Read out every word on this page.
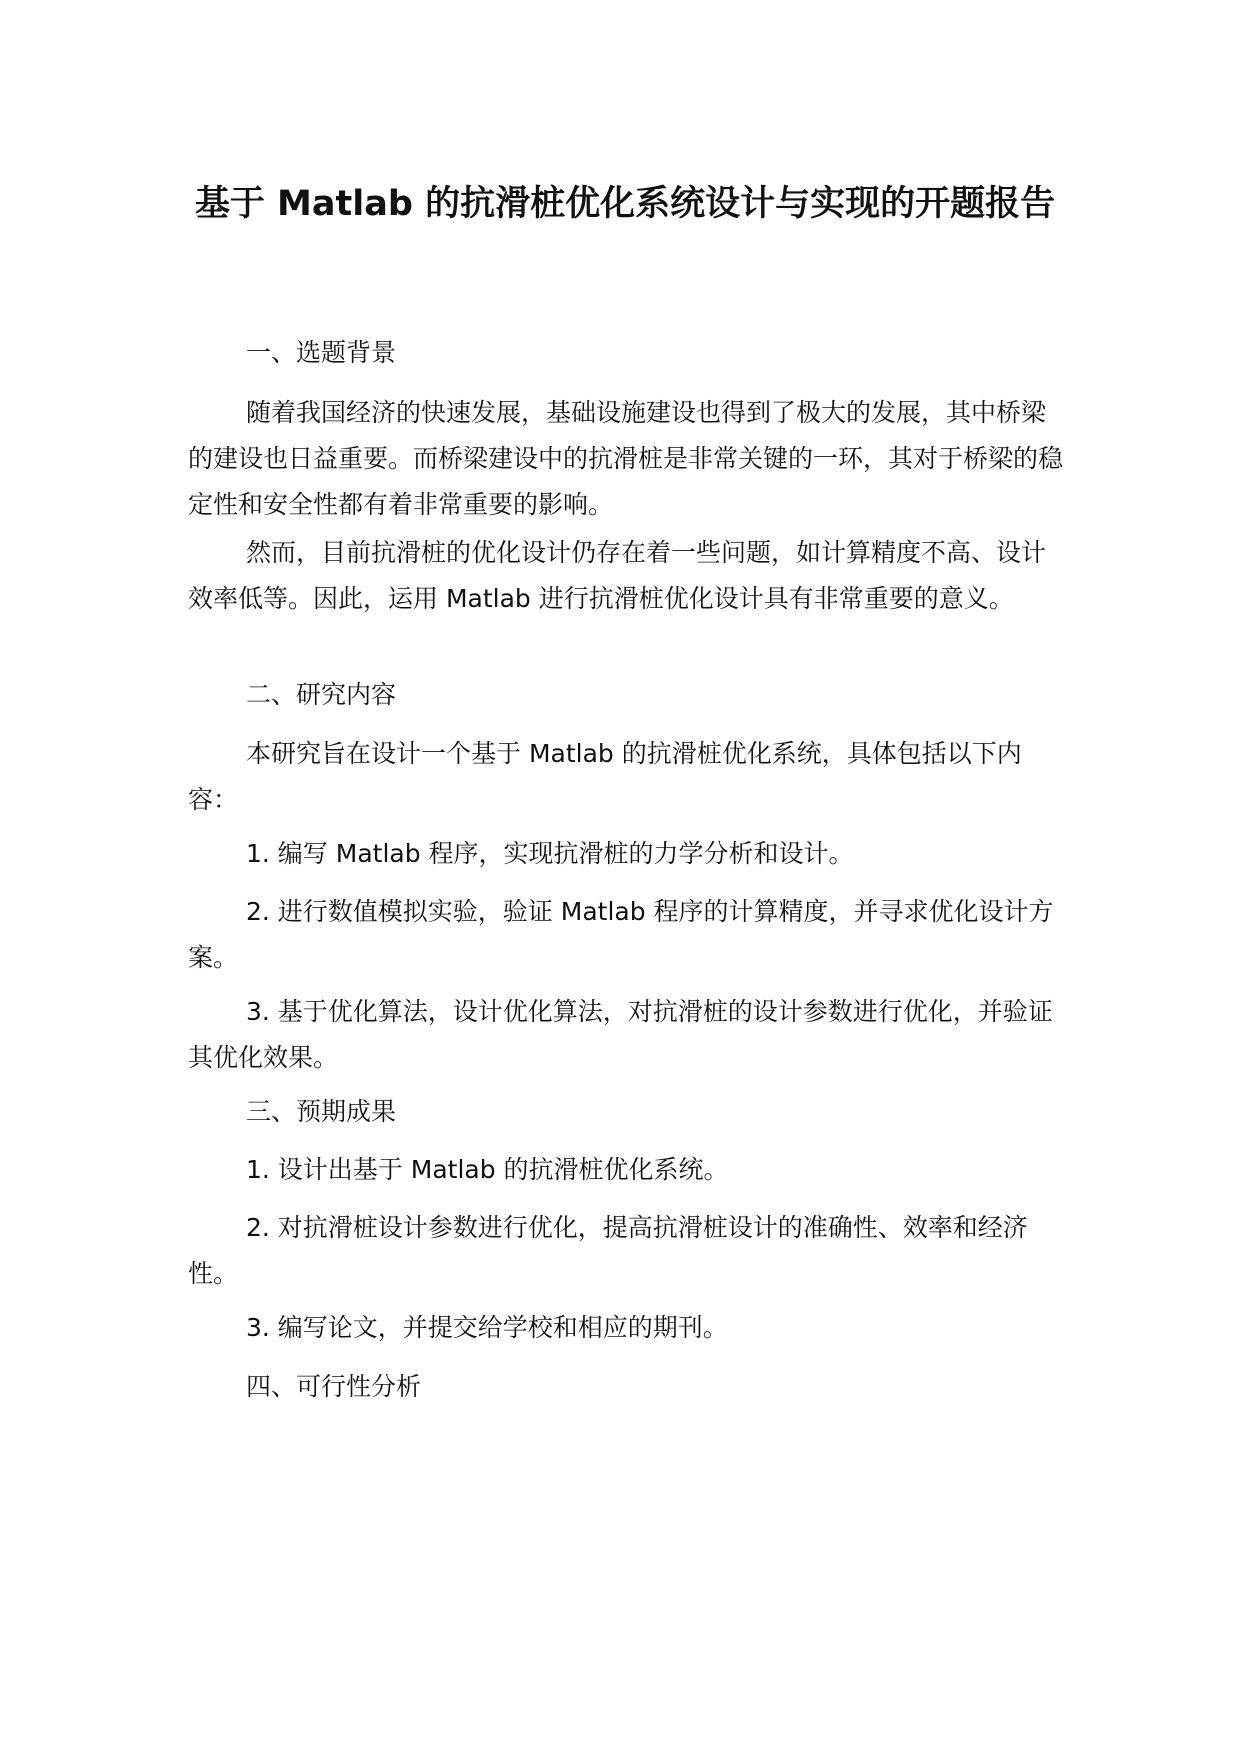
基于 Matlab 的抗滑桩优化系统设计与实现的开题报告

一、选题背景

随着我国经济的快速发展，基础设施建设也得到了极大的发展，其中桥梁的建设也日益重要。而桥梁建设中的抗滑桩是非常关键的一环，其对于桥梁的稳定性和安全性都有着非常重要的影响。

然而，目前抗滑桩的优化设计仍存在着一些问题，如计算精度不高、设计效率低等。因此，运用 Matlab 进行抗滑桩优化设计具有非常重要的意义。

二、研究内容

本研究旨在设计一个基于 Matlab 的抗滑桩优化系统，具体包括以下内容：

1. 编写 Matlab 程序，实现抗滑桩的力学分析和设计。

2. 进行数值模拟实验，验证 Matlab 程序的计算精度，并寻求优化设计方案。

3. 基于优化算法，设计优化算法，对抗滑桩的设计参数进行优化，并验证其优化效果。

三、预期成果

1. 设计出基于 Matlab 的抗滑桩优化系统。

2. 对抗滑桩设计参数进行优化，提高抗滑桩设计的准确性、效率和经济性。

3. 编写论文，并提交给学校和相应的期刊。

四、可行性分析
